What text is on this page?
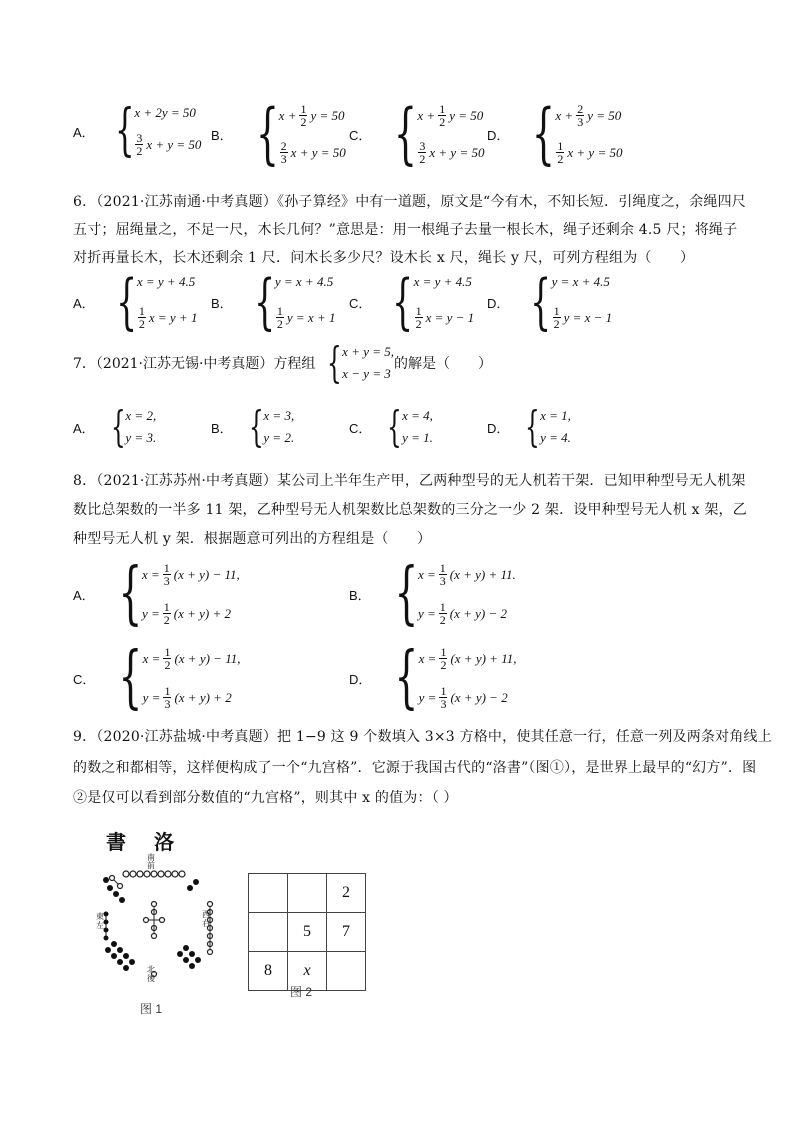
A． { x + 2y = 50
$\frac{3}{2}$ x + y = 50
B． { $x + \frac{1}{2}$ y = 50
$\frac{2}{3}$ x + y = 50
C． { $x + \frac{1}{2}$ y = 50
$\frac{3}{2}$ x + y = 50
D． { $x + \frac{2}{3}$ y = 50
$\frac{1}{2}$ x + y = 50
6．（2021·江苏南通·中考真题）《孙子算经》中有一道题，原文是“今有木，不知长短．引绳度之，余绳四尺
五寸；屈绳量之，不足一尺，木长几何？”意思是：用一根绳子去量一根长木，绳子还剩余 4.5 尺；将绳子
对折再量长木，长木还剩余 1 尺．问木长多少尺？设木长 x 尺，绳长 y 尺，可列方程组为（　　）
A． { x = y + 4.5
$\frac{1}{2}$ x = y + 1
B． { y = x + 4.5
$\frac{1}{2}$ y = x + 1
C． { x = y + 4.5
$\frac{1}{2}$ x = y − 1
D． { y = x + 4.5
$\frac{1}{2}$ y = x − 1
7．（2021·江苏无锡·中考真题）方程组 { x + y = 5,
x − y = 3
的解是（　　）
A． { x = 2,
y = 3.
B． { x = 3,
y = 2.
C． { x = 4,
y = 1.
D． { x = 1,
y = 4.
8．（2021·江苏苏州·中考真题）某公司上半年生产甲，乙两种型号的无人机若干架．已知甲种型号无人机架
数比总架数的一半多 11 架，乙种型号无人机架数比总架数的三分之一少 2 架．设甲种型号无人机 x 架，乙
种型号无人机 y 架．根据题意可列出的方程组是（　　）
A． { $x = \frac{1}{3} (x + y) - 11$,
$y = \frac{1}{2} (x + y) + 2$
B． { $x = \frac{1}{3} (x + y) + 11$.
$y = \frac{1}{2} (x + y) - 2$
C． { $x = \frac{1}{2} (x + y) - 11$,
$y = \frac{1}{3} (x + y) + 2$
D． { $x = \frac{1}{2} (x + y) + 11$,
$y = \frac{1}{3} (x + y) - 2$
9．（2020·江苏盐城·中考真题）把 1−9 这 9 个数填入 3×3 方格中，使其任意一行，任意一列及两条对角线上
的数之和都相等，这样便构成了一个“九宫格”．它源于我国古代的“洛書”（图①），是世界上最早的“幻方”．图
②是仅可以看到部分数值的“九宫格”，则其中 x 的值为：（ ）
書　洛
南前
東左
西右
北後
图 1
		2
	5	7
8	x	
图 2
